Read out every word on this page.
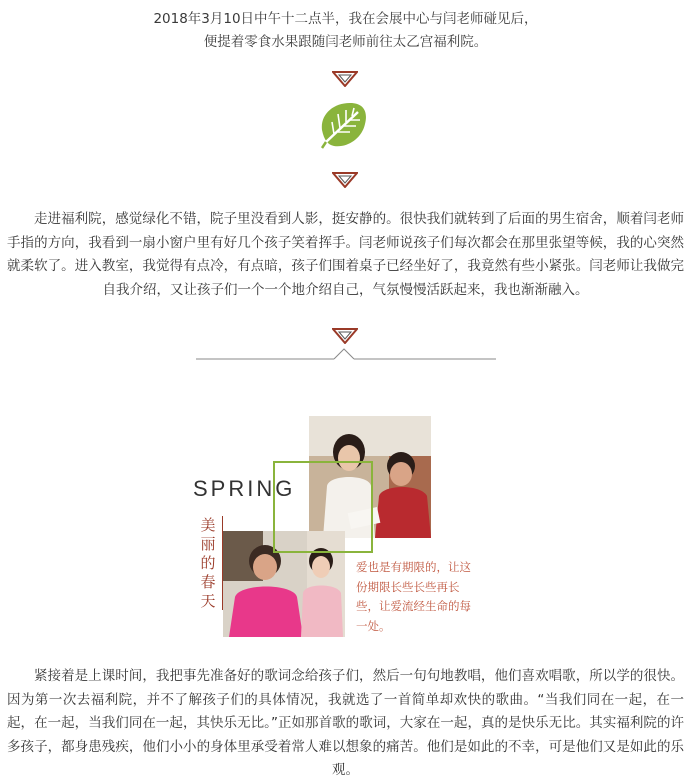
2018年3月10日中午十二点半，我在会展中心与闫老师碰见后，
便提着零食水果跟随闫老师前往太乙宫福利院。
走进福利院，感觉绿化不错，院子里没看到人影，挺安静的。很快我们就转到了后面的男生宿舍，顺着闫老师手指的方向，我看到一扇小窗户里有好几个孩子笑着挥手。闫老师说孩子们每次都会在那里张望等候，我的心突然就柔软了。进入教室，我觉得有点冷，有点暗，孩子们围着桌子已经坐好了，我竟然有些小紧张。闫老师让我做完自我介绍，又让孩子们一个一个地介绍自己，气氛慢慢活跃起来，我也渐渐融入。
SPRING
美丽的春天
爱也是有期限的，让这份期限长些长些再长些，让爱流经生命的每一处。
紧接着是上课时间，我把事先准备好的歌词念给孩子们，然后一句句地教唱，他们喜欢唱歌，所以学的很快。因为第一次去福利院，并不了解孩子们的具体情况，我就选了一首简单却欢快的歌曲。“当我们同在一起，在一起，在一起，当我们同在一起，其快乐无比。”正如那首歌的歌词，大家在一起，真的是快乐无比。其实福利院的许多孩子，都身患残疾，他们小小的身体里承受着常人难以想象的痛苦。他们是如此的不幸，可是他们又是如此的乐观。
